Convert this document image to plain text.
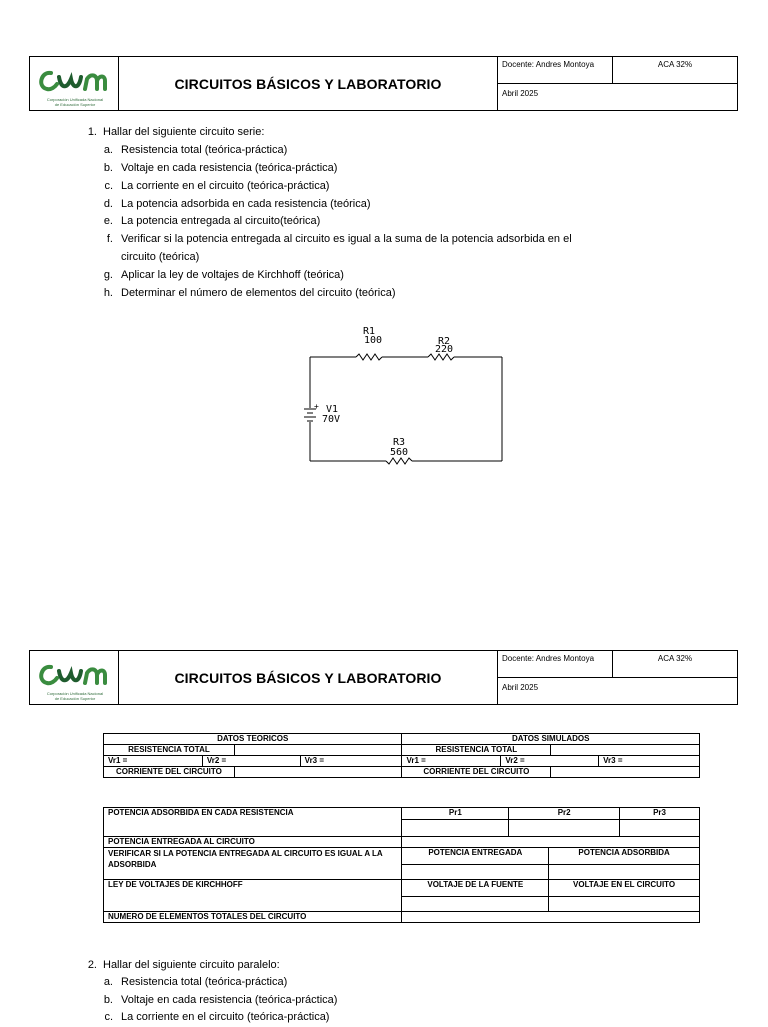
Corporación Unificada Nacional
de Educación Superior
CIRCUITOS BÁSICOS Y LABORATORIO
Docente: Andres Montoya	ACA 32%
Abril 2025
1. Hallar del siguiente circuito serie:
a. Resistencia total (teórica-práctica)
b. Voltaje en cada resistencia (teórica-práctica)
c. La corriente en el circuito (teórica-práctica)
d. La potencia adsorbida en cada resistencia (teórica)
e. La potencia entregada al circuito(teórica)
f. Verificar si la potencia entregada al circuito es igual a la suma de la potencia adsorbida en el
circuito (teórica)
g. Aplicar la ley de voltajes de Kirchhoff (teórica)
h. Determinar el número de elementos del circuito (teórica)
R1
100	R2
220
+ V1
70V
R3
560
Corporación Unificada Nacional
de Educación Superior
CIRCUITOS BÁSICOS Y LABORATORIO
Docente: Andres Montoya	ACA 32%
Abril 2025
DATOS TEORICOS				DATOS SIMULADOS			
RESISTENCIA TOTAL				RESISTENCIA TOTAL			
Vr1 =	Vr2 =		Vr3 =	Vr1 =	Vr2 =		Vr3 =
CORRIENTE DEL CIRCUITO				CORRIENTE DEL CIRCUITO			
POTENCIA ADSORBIDA EN CADA RESISTENCIA	Pr1	Pr2		Pr3

POTENCIA ENTREGADA AL CIRCUITO				
VERIFICAR SI LA POTENCIA ENTREGADA AL CIRCUITO ES IGUAL A LA ADSORBIDA	POTENCIA ENTREGADA		POTENCIA ADSORBIDA	

LEY DE VOLTAJES DE KIRCHHOFF	VOLTAJE DE LA FUENTE		VOLTAJE EN EL CIRCUITO	

NUMERO DE ELEMENTOS TOTALES DEL CIRCUITO				
2. Hallar del siguiente circuito paralelo:
a. Resistencia total (teórica-práctica)
b. Voltaje en cada resistencia (teórica-práctica)
c. La corriente en el circuito (teórica-práctica)
